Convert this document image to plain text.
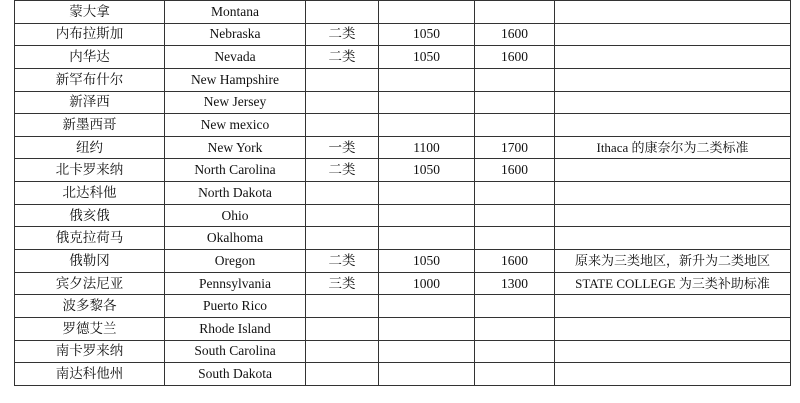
蒙大拿	Montana				
内布拉斯加	Nebraska	二类	1050	1600	
内华达	Nevada	二类	1050	1600	
新罕布什尔	New Hampshire				
新泽西	New Jersey				
新墨西哥	New mexico				
纽约	New York	一类	1100	1700	Ithaca 的康奈尔为二类标准
北卡罗来纳	North Carolina	二类	1050	1600	
北达科他	North Dakota				
俄亥俄	Ohio				
俄克拉荷马	Okalhoma				
俄勒冈	Oregon	二类	1050	1600	原来为三类地区，新升为二类地区
宾夕法尼亚	Pennsylvania	三类	1000	1300	STATE COLLEGE 为三类补助标准
波多黎各	Puerto Rico				
罗德艾兰	Rhode Island				
南卡罗来纳	South Carolina				
南达科他州	South Dakota				
